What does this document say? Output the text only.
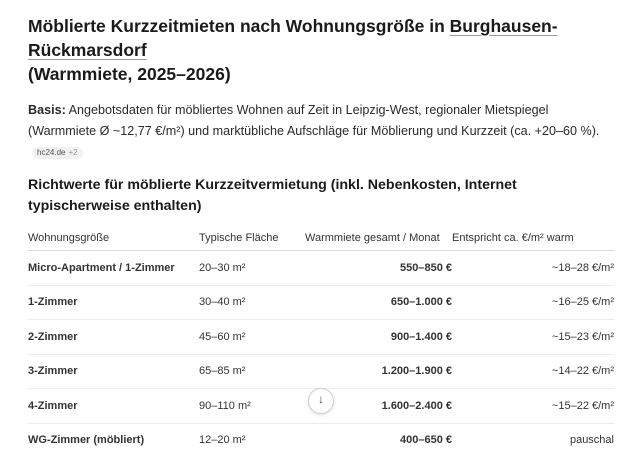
Möblierte Kurzzeitmieten nach Wohnungsgröße in Burghausen-Rückmarsdorf
(Warmmiete, 2025–2026)

Basis: Angebotsdaten für möbliertes Wohnen auf Zeit in Leipzig-West, regionaler Mietspiegel (Warmmiete Ø ~12,77 €/m²) und marktübliche Aufschläge für Möblierung und Kurzzeit (ca. +20–60 %). hc24.de +2

Richtwerte für möblierte Kurzzeitvermietung (inkl. Nebenkosten, Internet typischerweise enthalten)
Wohnungsgröße	Typische Fläche	Warmmiete gesamt / Monat	Entspricht ca. €/m² warm
Micro-Apartment / 1-Zimmer	20–30 m²	550–850 €	~18–28 €/m²
1-Zimmer	30–40 m²	650–1.000 €	~16–25 €/m²
2-Zimmer	45–60 m²	900–1.400 €	~15–23 €/m²
3-Zimmer	65–85 m²	1.200–1.900 €	~14–22 €/m²
4-Zimmer	90–110 m²	1.600–2.400 €	~15–22 €/m²
WG-Zimmer (möbliert)	12–20 m²	400–650 €	pauschal
↓
